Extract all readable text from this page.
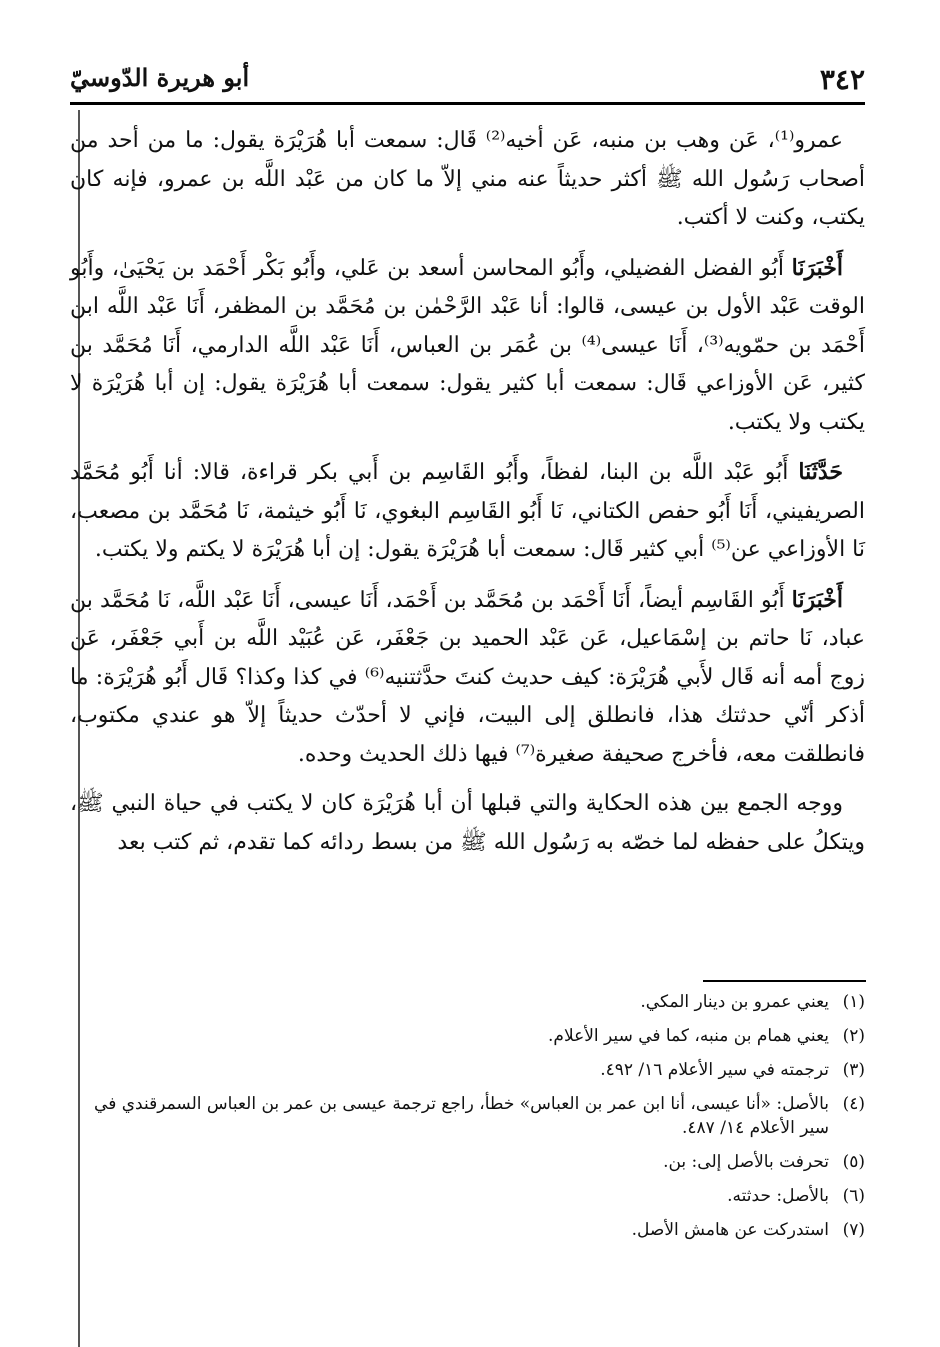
٣٤٢
أبو هريرة الدّوسيّ

عمرو⁽¹⁾، عَن وهب بن منبه، عَن أخيه⁽²⁾ قَال: سمعت أبا هُرَيْرَة يقول: ما من أحد من أصحاب رَسُول الله ﷺ أكثر حديثاً عنه مني إلاّ ما كان من عَبْد اللَّه بن عمرو، فإنه كان يكتب، وكنت لا أكتب.

أَخْبَرَنَا أَبُو الفضل الفضيلي، وأَبُو المحاسن أسعد بن عَلي، وأَبُو بَكْر أَحْمَد بن يَحْيَىٰ، وأَبُو الوقت عَبْد الأول بن عيسى، قالوا: أنا عَبْد الرَّحْمٰن بن مُحَمَّد بن المظفر، أَنَا عَبْد اللَّه ابن أَحْمَد بن حمّويه⁽³⁾، أَنَا عيسى⁽⁴⁾ بن عُمَر بن العباس، أَنَا عَبْد اللَّه الدارمي، أَنَا مُحَمَّد بن كثير، عَن الأوزاعي قَال: سمعت أبا كثير يقول: سمعت أبا هُرَيْرَة يقول: إن أبا هُرَيْرَة لا يكتب ولا يكتب.

حَدَّثَنَا أَبُو عَبْد اللَّه بن البنا، لفظاً، وأَبُو القَاسِم بن أَبي بكر قراءة، قالا: أنا أَبُو مُحَمَّد الصريفيني، أَنَا أَبُو حفص الكتاني، نَا أَبُو القَاسِم البغوي، نَا أَبُو خيثمة، نَا مُحَمَّد بن مصعب، نَا الأوزاعي عن⁽⁵⁾ أبي كثير قَال: سمعت أبا هُرَيْرَة يقول: إن أبا هُرَيْرَة لا يكتم ولا يكتب.

أَخْبَرَنَا أَبُو القَاسِم أيضاً، أَنَا أَحْمَد بن مُحَمَّد بن أَحْمَد، أَنَا عيسى، أَنَا عَبْد اللَّه، نَا مُحَمَّد بن عباد، نَا حاتم بن إسْمَاعيل، عَن عَبْد الحميد بن جَعْفَر، عَن عُبَيْد اللَّه بن أَبي جَعْفَر، عَن زوج أمه أنه قَال لأَبي هُرَيْرَة: كيف حديث كنتَ حدَّثتنيه⁽⁶⁾ في كذا وكذا؟ قَال أَبُو هُرَيْرَة: ما أذكر أنّي حدثتك هذا، فانطلق إلى البيت، فإني لا أحدّث حديثاً إلاّ هو عندي مكتوب، فانطلقت معه، فأخرج صحيفة صغيرة⁽⁷⁾ فيها ذلك الحديث وحده.

ووجه الجمع بين هذه الحكاية والتي قبلها أن أبا هُرَيْرَة كان لا يكتب في حياة النبي ﷺ، ويتكلُ على حفظه لما خصّه به رَسُول الله ﷺ من بسط ردائه كما تقدم، ثم كتب بعد

(١)
يعني عمرو بن دينار المكي.
(٢)
يعني همام بن منبه، كما في سير الأعلام.
(٣)
ترجمته في سير الأعلام ١٦/ ٤٩٢.
(٤)
بالأصل: «أنا عيسى، أنا ابن عمر بن العباس» خطأ، راجع ترجمة عيسى بن عمر بن العباس السمرقندي في سير الأعلام ١٤/ ٤٨٧.
(٥)
تحرفت بالأصل إلى: بن.
(٦)
بالأصل: حدثته.
(٧)
استدركت عن هامش الأصل.
